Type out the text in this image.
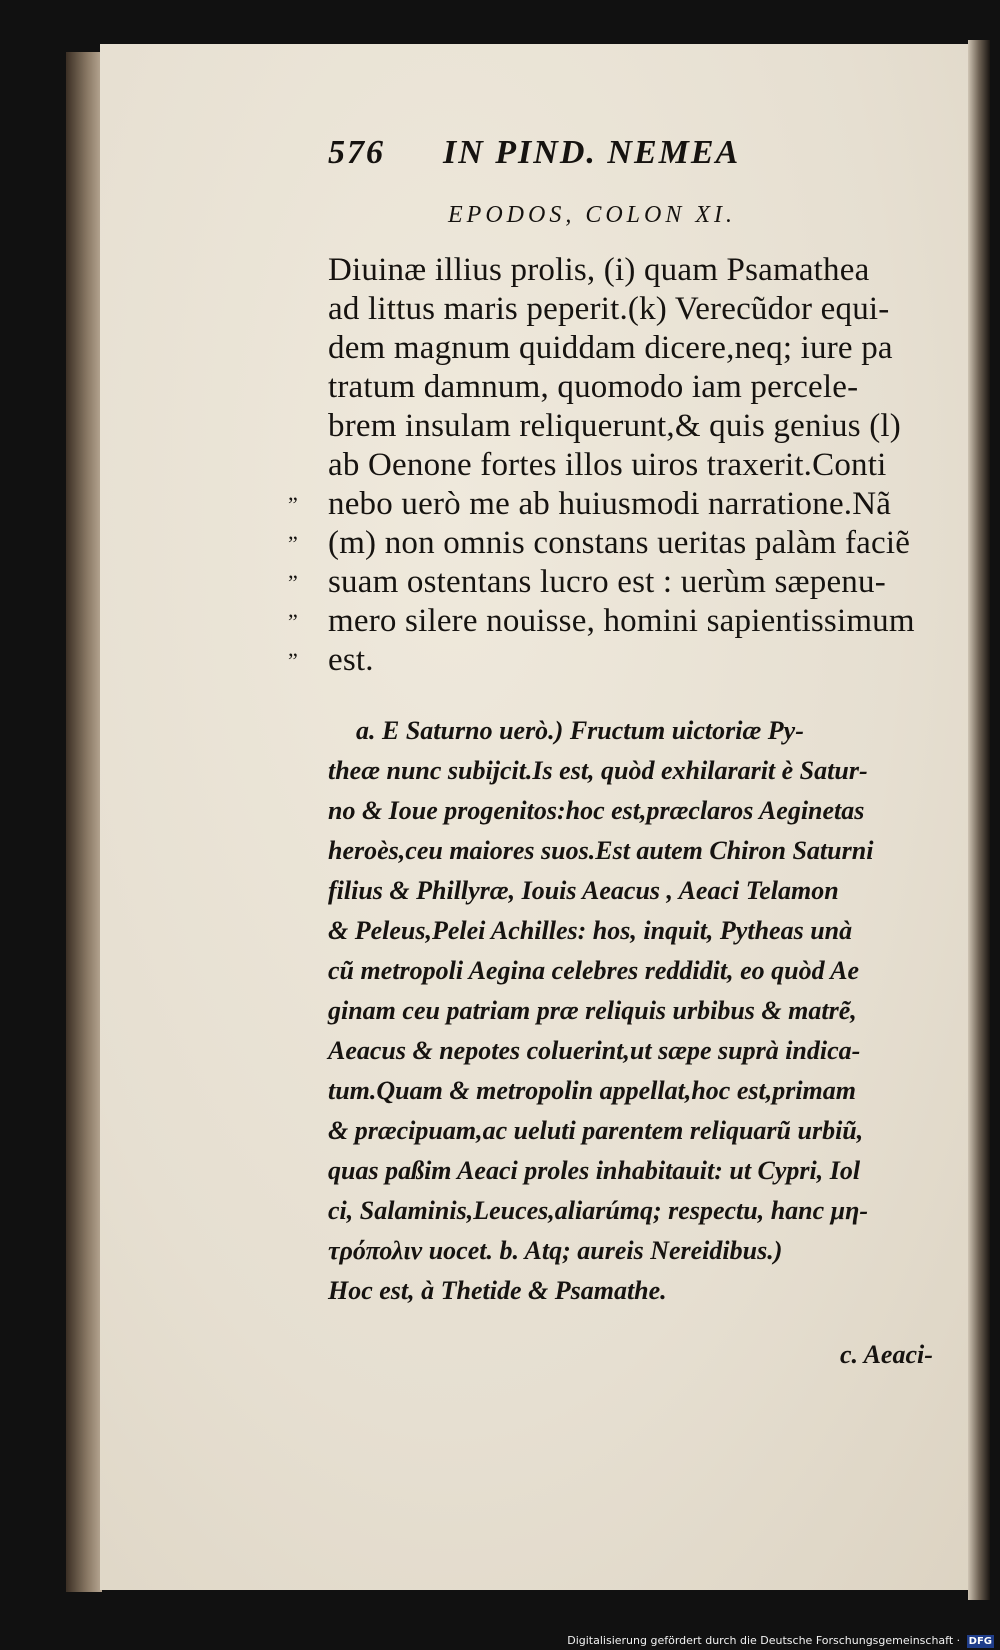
576 IN PIND. NEMEA
EPODOS, COLON XI.
Diuinæ illius prolis, (i) quam Psamathea
ad littus maris peperit.(k) Verecũdor equi-
dem magnum quiddam dicere,neq; iure pa
tratum damnum, quomodo iam percele-
brem insulam reliquerunt,& quis genius (l)
ab Oenone fortes illos uiros traxerit.Conti
” nebo uerò me ab huiusmodi narratione.Nã
” (m) non omnis constans ueritas palàm faciẽ
” suam ostentans lucro est : uerùm sæpenu-
” mero silere nouisse, homini sapientissimum
” est.
a. E Saturno uerò.) Fructum uictoriæ Py-
theæ nunc subijcit.Is est, quòd exhilararit è Satur-
no & Ioue progenitos:hoc est,præclaros Aeginetas
heroès,ceu maiores suos.Est autem Chiron Saturni
filius & Phillyræ, Iouis Aeacus , Aeaci Telamon
& Peleus,Pelei Achilles: hos, inquit, Pytheas unà
cũ metropoli Aegina celebres reddidit, eo quòd Ae
ginam ceu patriam præ reliquis urbibus & matrẽ,
Aeacus & nepotes coluerint,ut sæpe suprà indica-
tum.Quam & metropolin appellat,hoc est,primam
& præcipuam,ac ueluti parentem reliquarũ urbiũ,
quas paßim Aeaci proles inhabitauit: ut Cypri, Iol
ci, Salaminis,Leuces,aliarúmq; respectu, hanc μη-
τρόπολιν uocet. b. Atq; aureis Nereidibus.)
Hoc est, à Thetide & Psamathe.
c. Aeaci-
Digitalisierung gefördert durch die Deutsche Forschungsgemeinschaft · DFG
